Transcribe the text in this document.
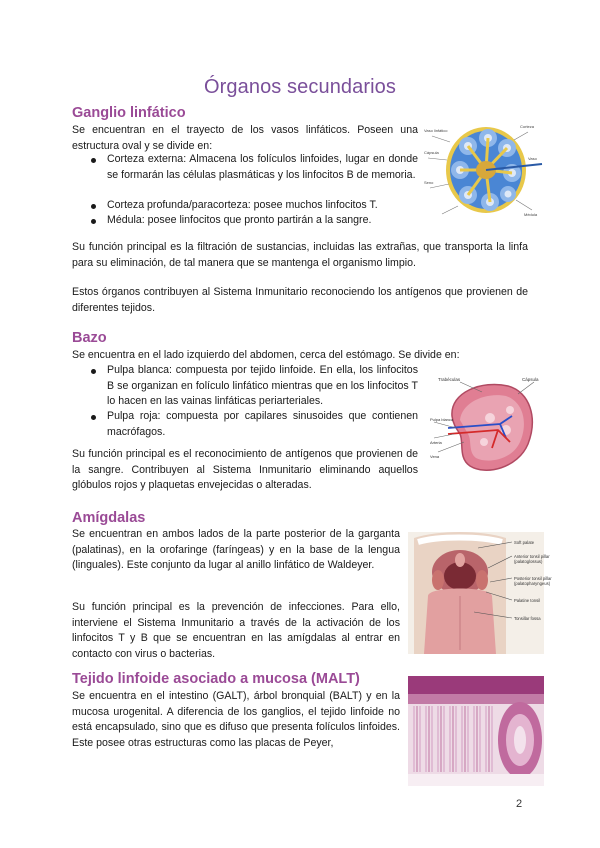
Órganos secundarios
Ganglio linfático
Se encuentran en el trayecto de los vasos linfáticos. Poseen una estructura oval y se divide en:
Corteza externa: Almacena los folículos linfoides, lugar en donde se formarán las células plasmáticas y los linfocitos B de memoria.
Corteza profunda/paracorteza: posee muchos linfocitos T.
Médula: posee linfocitos que pronto partirán a la sangre.
Su función principal es la filtración de sustancias, incluidas las extrañas, que transporta la linfa para su eliminación, de tal manera que se mantenga el organismo limpio.
Estos órganos contribuyen al Sistema Inmunitario reconociendo los antígenos que provienen de diferentes tejidos.
Vaso linfático
Cápsula
Seno
Corteza
Vaso
Médula
Bazo
Se encuentra en el lado izquierdo del abdomen, cerca del estómago. Se divide en:
Pulpa blanca: compuesta por tejido linfoide. En ella, los linfocitos B se organizan en folículo linfático mientras que en los linfocitos T lo hacen en las vainas linfáticas periarteriales.
Pulpa roja: compuesta por capilares sinusoides que contienen macrófagos.
Su función principal es el reconocimiento de antígenos que provienen de la sangre. Contribuyen al Sistema Inmunitario eliminando aquellos glóbulos rojos y plaquetas envejecidas o alteradas.
Trabéculas	Cápsula
Pulpa blanca
Arteria
Vena
Amígdalas
Se encuentran en ambos lados de la parte posterior de la garganta (palatinas), en la orofaringe (faríngeas) y en la base de la lengua (linguales). Este conjunto da lugar al anillo linfático de Waldeyer.
Su función principal es la prevención de infecciones. Para ello, interviene el Sistema Inmunitario a través de la activación de los linfocitos T y B que se encuentran en las amígdalas al entrar en contacto con virus o bacterias.
Soft palate
Anterior tonsil pillar
(palatoglossus)
Posterior tonsil pillar
(palatopharyngeus)
Palatine tonsil
Tonsillar fossa
Tejido linfoide asociado a mucosa (MALT)
Se encuentra en el intestino (GALT), árbol bronquial (BALT) y en la mucosa urogenital. A diferencia de los ganglios, el tejido linfoide no está encapsulado, sino que es difuso que presenta folículos linfoides. Este posee otras estructuras como las placas de Peyer,
2
